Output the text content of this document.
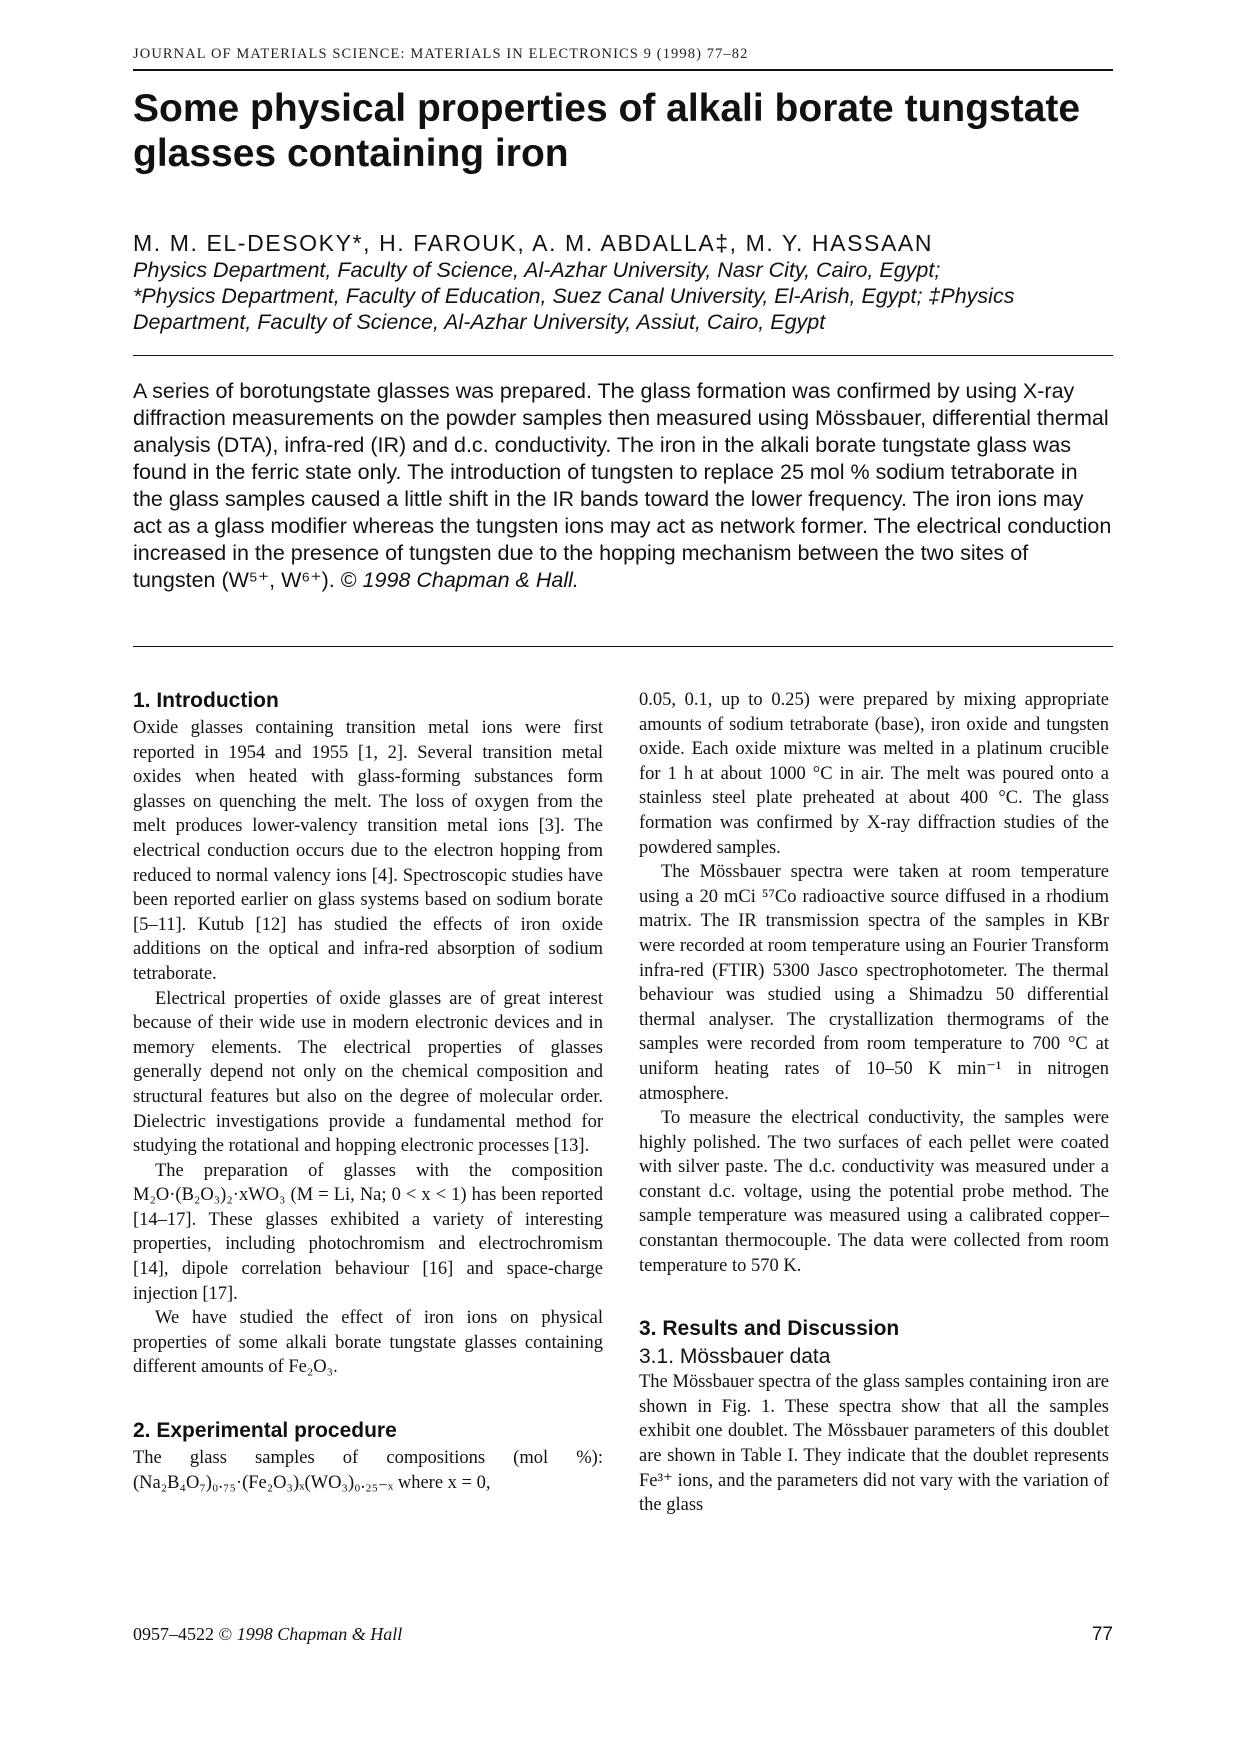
JOURNAL OF MATERIALS SCIENCE: MATERIALS IN ELECTRONICS 9 (1998) 77–82
Some physical properties of alkali borate tungstate
glasses containing iron
M. M. EL-DESOKY*, H. FAROUK, A. M. ABDALLA‡, M. Y. HASSAAN
Physics Department, Faculty of Science, Al-Azhar University, Nasr City, Cairo, Egypt;
*Physics Department, Faculty of Education, Suez Canal University, El-Arish, Egypt; ‡Physics
Department, Faculty of Science, Al-Azhar University, Assiut, Cairo, Egypt
A series of borotungstate glasses was prepared. The glass formation was confirmed by using X-ray diffraction measurements on the powder samples then measured using Mössbauer, differential thermal analysis (DTA), infra-red (IR) and d.c. conductivity. The iron in the alkali borate tungstate glass was found in the ferric state only. The introduction of tungsten to replace 25 mol % sodium tetraborate in the glass samples caused a little shift in the IR bands toward the lower frequency. The iron ions may act as a glass modifier whereas the tungsten ions may act as network former. The electrical conduction increased in the presence of tungsten due to the hopping mechanism between the two sites of tungsten (W⁵⁺, W⁶⁺). © 1998 Chapman & Hall.
1. Introduction

Oxide glasses containing transition metal ions were first reported in 1954 and 1955 [1, 2]. Several transition metal oxides when heated with glass-forming substances form glasses on quenching the melt. The loss of oxygen from the melt produces lower-valency transition metal ions [3]. The electrical conduction occurs due to the electron hopping from reduced to normal valency ions [4]. Spectroscopic studies have been reported earlier on glass systems based on sodium borate [5–11]. Kutub [12] has studied the effects of iron oxide additions on the optical and infra-red absorption of sodium tetraborate.

Electrical properties of oxide glasses are of great interest because of their wide use in modern electronic devices and in memory elements. The electrical properties of glasses generally depend not only on the chemical composition and structural features but also on the degree of molecular order. Dielectric investigations provide a fundamental method for studying the rotational and hopping electronic processes [13].

The preparation of glasses with the composition M₂O·(B₂O₃)₂·xWO₃ (M = Li, Na; 0 < x < 1) has been reported [14–17]. These glasses exhibited a variety of interesting properties, including photochromism and electrochromism [14], dipole correlation behaviour [16] and space-charge injection [17].

We have studied the effect of iron ions on physical properties of some alkali borate tungstate glasses containing different amounts of Fe₂O₃.

2. Experimental procedure

The glass samples of compositions (mol %): (Na₂B₄O₇)₀.₇₅·(Fe₂O₃)ₓ(WO₃)₀.₂₅₋ₓ where x = 0,

0.05, 0.1, up to 0.25) were prepared by mixing appropriate amounts of sodium tetraborate (base), iron oxide and tungsten oxide. Each oxide mixture was melted in a platinum crucible for 1 h at about 1000 °C in air. The melt was poured onto a stainless steel plate preheated at about 400 °C. The glass formation was confirmed by X-ray diffraction studies of the powdered samples.

The Mössbauer spectra were taken at room temperature using a 20 mCi ⁵⁷Co radioactive source diffused in a rhodium matrix. The IR transmission spectra of the samples in KBr were recorded at room temperature using an Fourier Transform infra-red (FTIR) 5300 Jasco spectrophotometer. The thermal behaviour was studied using a Shimadzu 50 differential thermal analyser. The crystallization thermograms of the samples were recorded from room temperature to 700 °C at uniform heating rates of 10–50 K min⁻¹ in nitrogen atmosphere.

To measure the electrical conductivity, the samples were highly polished. The two surfaces of each pellet were coated with silver paste. The d.c. conductivity was measured under a constant d.c. voltage, using the potential probe method. The sample temperature was measured using a calibrated copper–constantan thermocouple. The data were collected from room temperature to 570 K.

3. Results and Discussion
3.1. Mössbauer data

The Mössbauer spectra of the glass samples containing iron are shown in Fig. 1. These spectra show that all the samples exhibit one doublet. The Mössbauer parameters of this doublet are shown in Table I. They indicate that the doublet represents Fe³⁺ ions, and the parameters did not vary with the variation of the glass

0957–4522 © 1998 Chapman & Hall	77
